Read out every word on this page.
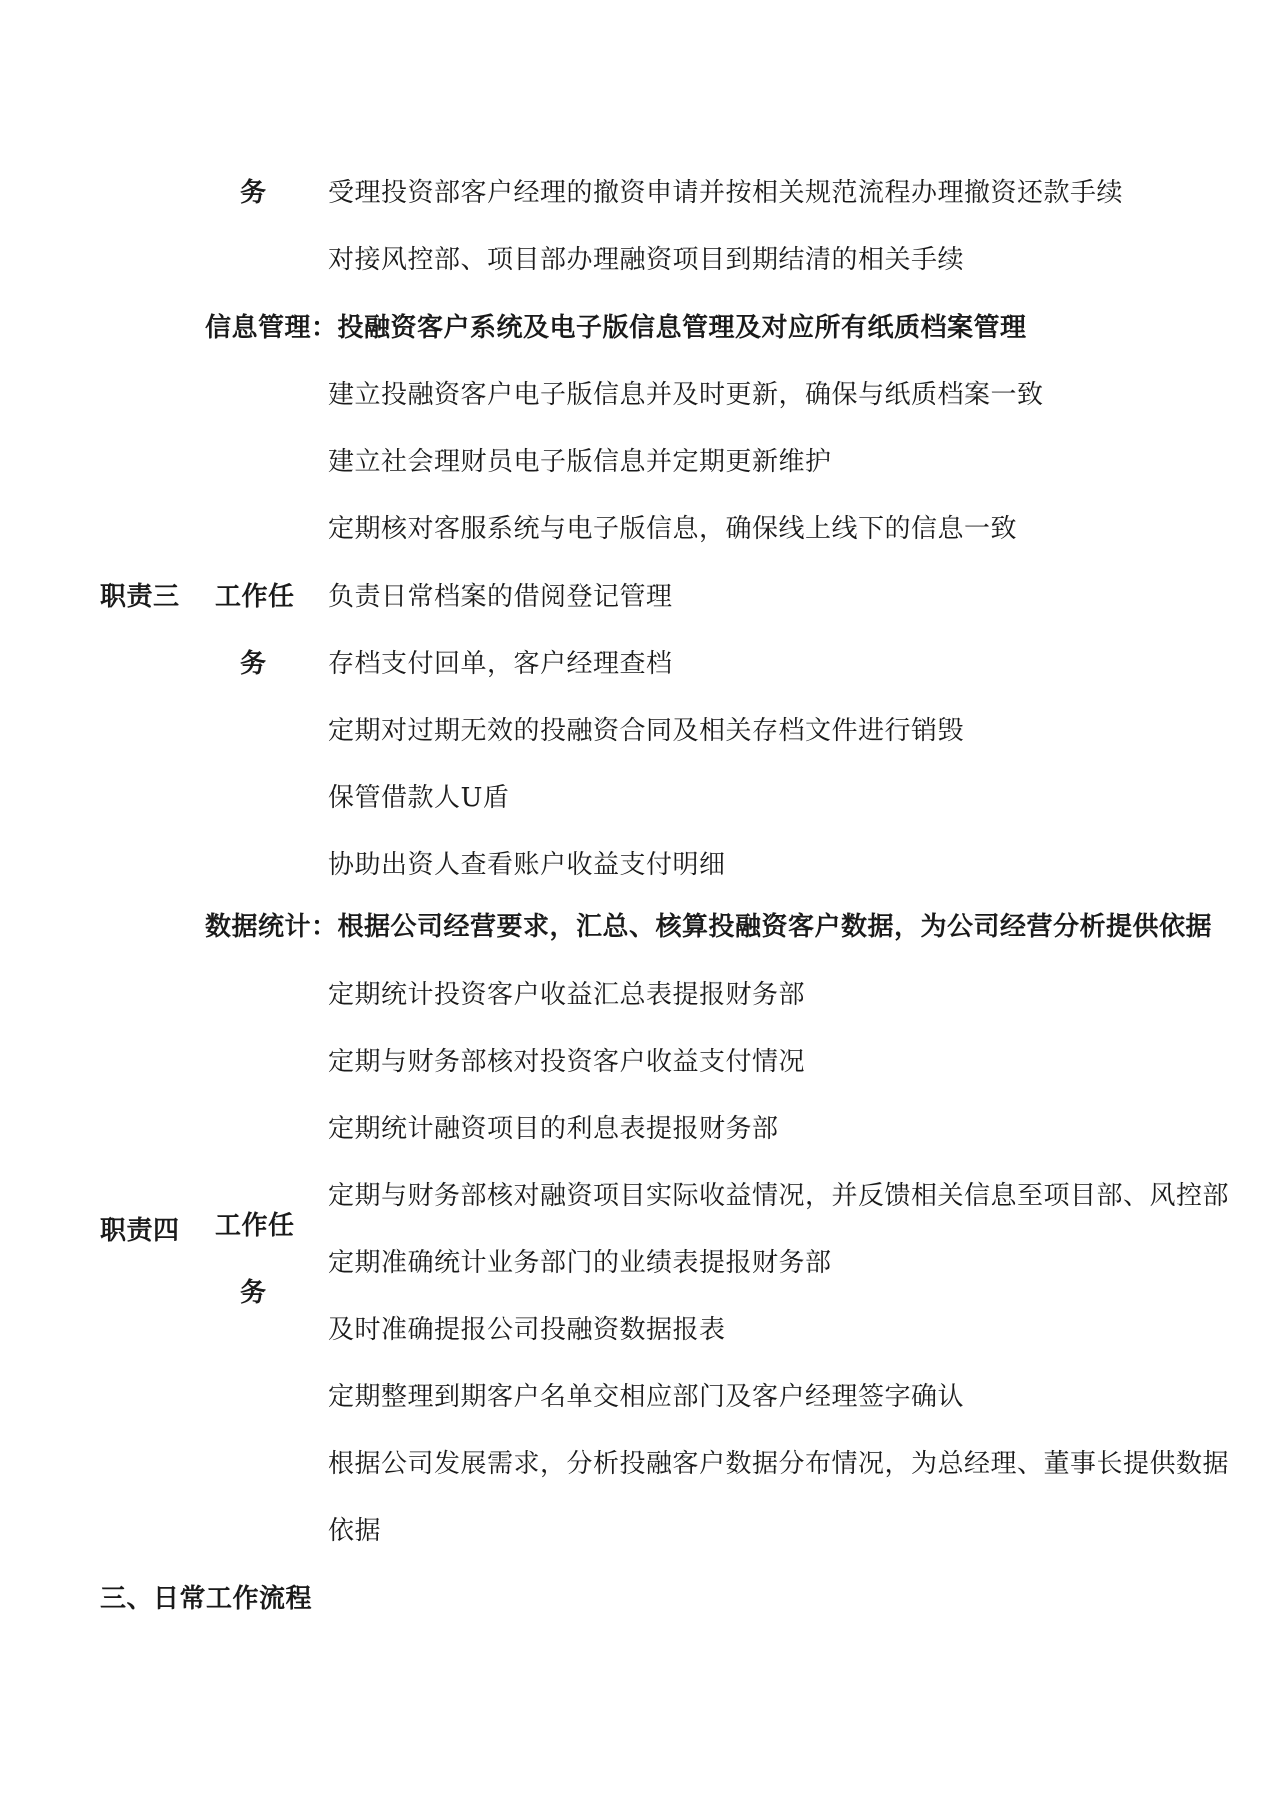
务 受理投资部客户经理的撤资申请并按相关规范流程办理撤资还款手续
对接风控部、项目部办理融资项目到期结清的相关手续
信息管理：投融资客户系统及电子版信息管理及对应所有纸质档案管理
建立投融资客户电子版信息并及时更新，确保与纸质档案一致
建立社会理财员电子版信息并定期更新维护
定期核对客服系统与电子版信息，确保线上线下的信息一致
职责三 工作任
务
负责日常档案的借阅登记管理
存档支付回单，客户经理查档
定期对过期无效的投融资合同及相关存档文件进行销毁
保管借款人U盾
协助出资人查看账户收益支付明细
数据统计：根据公司经营要求，汇总、核算投融资客户数据，为公司经营分析提供依据
定期统计投资客户收益汇总表提报财务部
定期与财务部核对投资客户收益支付情况
定期统计融资项目的利息表提报财务部
定期与财务部核对融资项目实际收益情况，并反馈相关信息至项目部、风控部
职责四 工作任
定期准确统计业务部门的业绩表提报财务部
务
及时准确提报公司投融资数据报表
定期整理到期客户名单交相应部门及客户经理签字确认
根据公司发展需求，分析投融客户数据分布情况，为总经理、董事长提供数据
依据
三、日常工作流程
